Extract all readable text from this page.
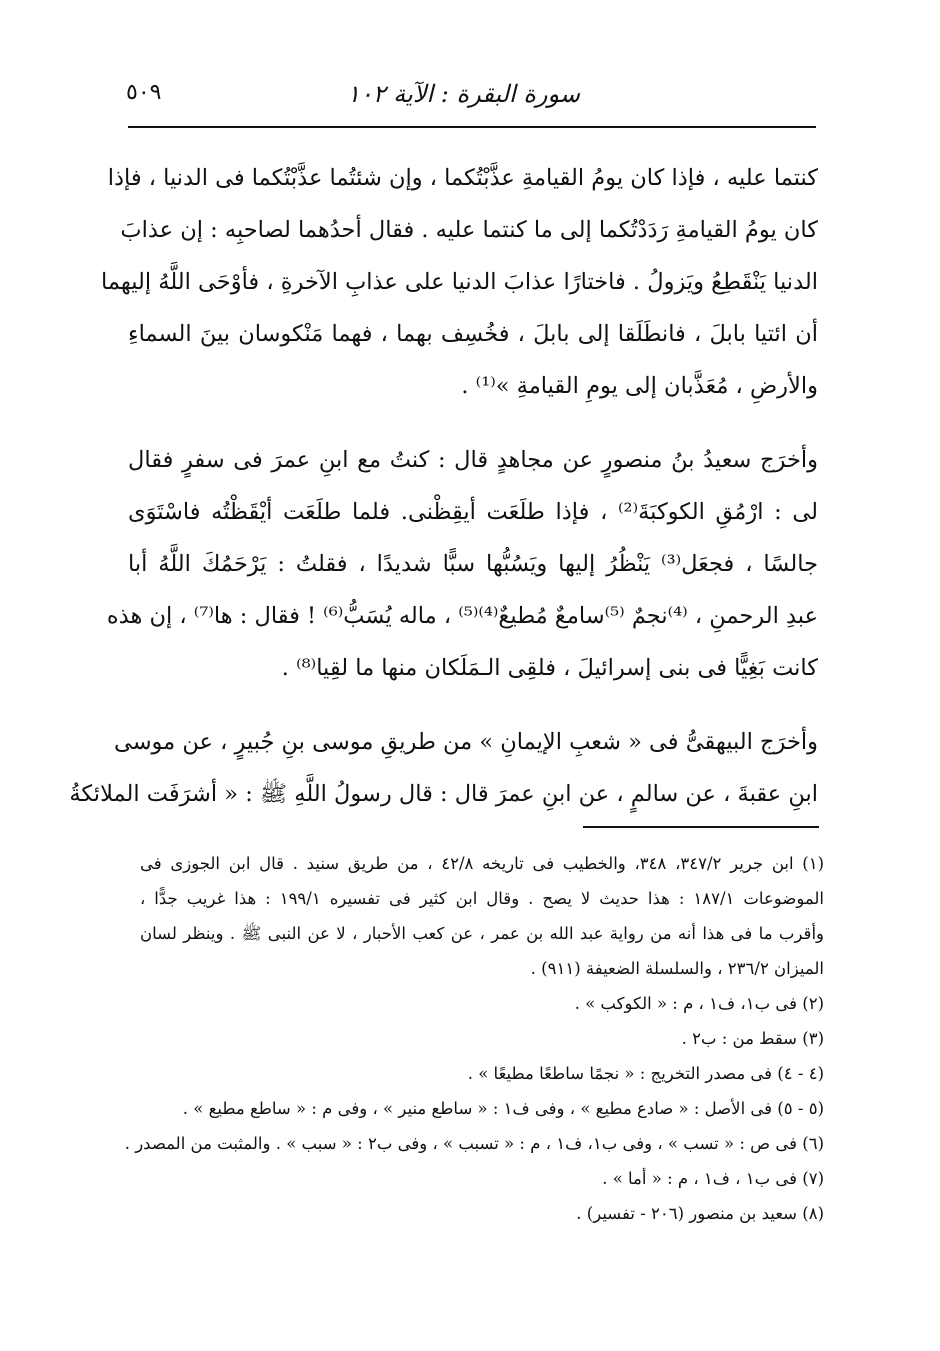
سورة البقرة : الآية ١٠٢
٥٠٩
كنتما عليه ، فإذا كان يومُ القيامةِ عذَّبْتُكما ، وإن شئتُما عذَّبْتُكما فى الدنيا ، فإذا
كان يومُ القيامةِ رَدَدْتُكما إلى ما كنتما عليه . فقال أحدُهما لصاحبِه : إن عذابَ
الدنيا يَنْقَطِعُ ويَزولُ . فاختارًا عذابَ الدنيا على عذابِ الآخرةِ ، فأوْحَى اللَّهُ إليهما
أن ائتيا بابلَ ، فانطَلَقا إلى بابلَ ، فخُسِف بهما ، فهما مَنْكوسان بينَ السماءِ
والأرضِ ، مُعَذَّبان إلى يومِ القيامةِ »⁽¹⁾ .
وأخرَج سعيدُ بنُ منصورٍ عن مجاهدٍ قال : كنتُ مع ابنِ عمرَ فى سفرٍ فقال
لى : ارْمُقِ الكوكبَةَ⁽²⁾ ، فإذا طلَعَت أيقِظْنى. فلما طلَعَت أيْقَظْتُه فاسْتَوَى
جالسًا ، فجعَل⁽³⁾ يَنْظُرُ إليها ويَسُبُّها سبًّا شديدًا ، فقلتُ : يَرْحَمُكَ اللَّهُ أبا
عبدِ الرحمنِ ، ⁽⁴⁾نجمٌ ⁽⁵⁾سامعٌ مُطيعٌ⁽⁴⁾⁽⁵⁾ ، ماله يُسَبُّ⁽⁶⁾ ! فقال : ها⁽⁷⁾ ، إن هذه
كانت بَغِيًّا فى بنى إسرائيلَ ، فلقِى الـمَلَكان منها ما لقِيا⁽⁸⁾ .
وأخرَج البيهقىُّ فى « شعبِ الإيمانِ » من طريقِ موسى بنِ جُبيرٍ ، عن موسى
ابنِ عقبةَ ، عن سالمٍ ، عن ابنِ عمرَ قال : قال رسولُ اللَّهِ ﷺ : « أشرَفَت الملائكةُ
(١) ابن جرير ٣٤٧/٢، ٣٤٨، والخطيب فى تاريخه ٤٢/٨ ، من طريق سنيد . قال ابن الجوزى فى
الموضوعات ١٨٧/١ : هذا حديث لا يصح . وقال ابن كثير فى تفسيره ١٩٩/١ : هذا غريب جدًّا ،
وأقرب ما فى هذا أنه من رواية عبد الله بن عمر ، عن كعب الأحبار ، لا عن النبى ﷺ . وينظر لسان
الميزان ٢٣٦/٢ ، والسلسلة الضعيفة (٩١١) .
(٢) فى ب١، ف١ ، م : « الكوكب » .
(٣) سقط من : ب٢ .
(٤ - ٤) فى مصدر التخريج : « نجمًا ساطعًا مطيعًا » .
(٥ - ٥) فى الأصل : « صادع مطيع » ، وفى ف١ : « ساطع منير » ، وفى م : « ساطع مطيع » .
(٦) فى ص : « تسب » ، وفى ب١، ف١ ، م : « تسبب » ، وفى ب٢ : « سبب » . والمثبت من المصدر .
(٧) فى ب١ ، ف١ ، م : « أما » .
(٨) سعيد بن منصور (٢٠٦ - تفسير) .
